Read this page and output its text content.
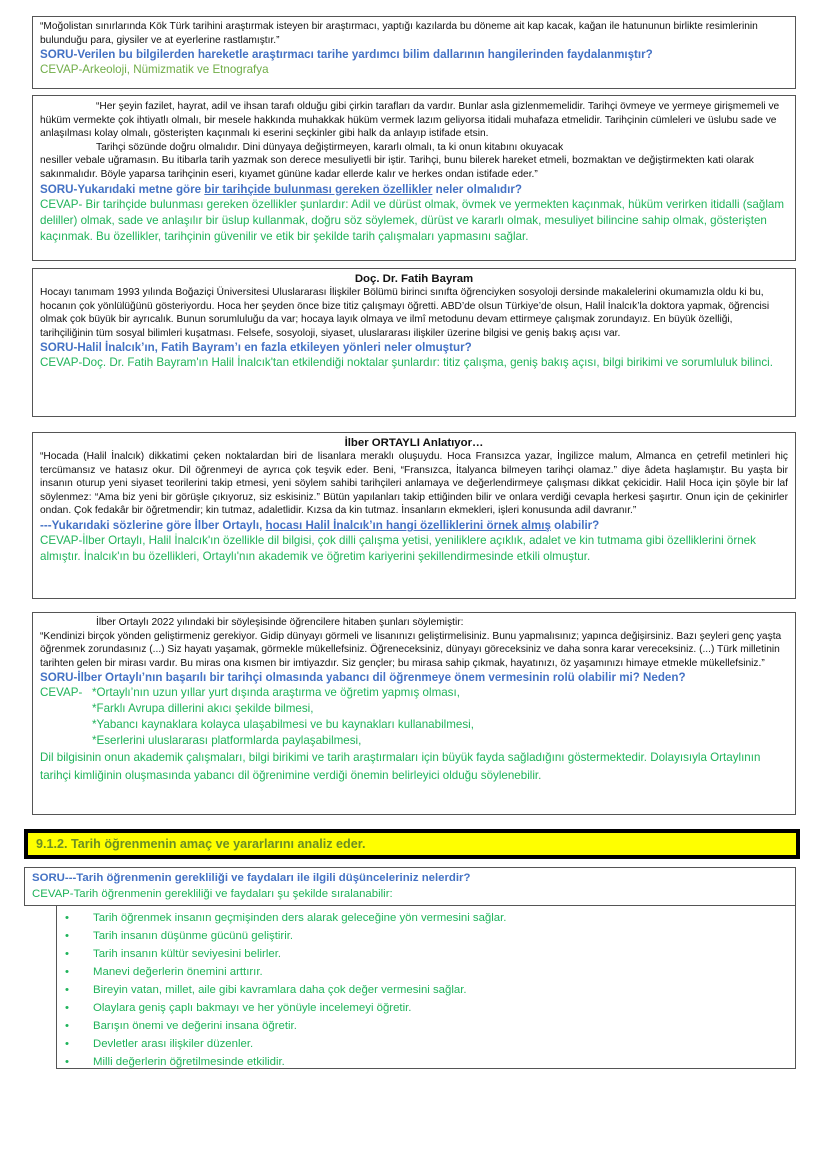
“Moğolistan sınırlarında Kök Türk tarihini araştırmak isteyen bir araştırmacı, yaptığı kazılarda bu döneme ait kap kacak, kağan ile hatununun birlikte resimlerinin bulunduğu para, giysiler ve at eyerlerine rastlamıştır.”

SORU-Verilen bu bilgilerden hareketle araştırmacı tarihe yardımcı bilim dallarının hangilerinden faydalanmıştır?

CEVAP-Arkeoloji, Nümizmatik ve Etnografya

“Her şeyin fazilet, hayrat, adil ve ihsan tarafı olduğu gibi çirkin tarafları da vardır. Bunlar asla gizlenmemelidir. Tarihçi övmeye ve yermeye girişmemeli ve hüküm vermekte çok ihtiyatlı olmalı, bir mesele hakkında muhakkak hüküm vermek lazım geliyorsa itidali muhafaza etmelidir. Tarihçinin cümleleri ve üslubu sade ve anlaşılması kolay olmalı, gösterişten kaçınmalı ki eserini seçkinler gibi halk da anlayıp istifade etsin.

Tarihçi sözünde doğru olmalıdır. Dini dünyaya değiştirmeyen, kararlı olmalı, ta ki onun kitabını okuyacak

nesiller vebale uğramasın. Bu itibarla tarih yazmak son derece mesuliyetli bir iştir. Tarihçi, bunu bilerek hareket etmeli, bozmaktan ve değiştirmekten kati olarak sakınmalıdır. Böyle yaparsa tarihçinin eseri, kıyamet gününe kadar ellerde kalır ve herkes ondan istifade eder.”

SORU-Yukarıdaki metne göre bir tarihçide bulunması gereken özellikler neler olmalıdır?

CEVAP- Bir tarihçide bulunması gereken özellikler şunlardır: Adil ve dürüst olmak, övmek ve yermekten kaçınmak, hüküm verirken itidalli (sağlam deliller) olmak, sade ve anlaşılır bir üslup kullanmak, doğru söz söylemek, dürüst ve kararlı olmak, mesuliyet bilincine sahip olmak, gösterişten kaçınmak. Bu özellikler, tarihçinin güvenilir ve etik bir şekilde tarih çalışmaları yapmasını sağlar.

Doç. Dr. Fatih Bayram

Hocayı tanımam 1993 yılında Boğaziçi Üniversitesi Uluslararası İlişkiler Bölümü birinci sınıfta öğrenciyken sosyoloji dersinde makalelerini okumamızla oldu ki bu, hocanın çok yönlülüğünü gösteriyordu. Hoca her şeyden önce bize titiz çalışmayı öğretti. ABD’de olsun Türkiye’de olsun, Halil İnalcık’la doktora yapmak, öğrencisi olmak çok büyük bir ayrıcalık. Bunun sorumluluğu da var; hocaya layık olmaya ve ilmî metodunu devam ettirmeye çalışmak zorundayız. En büyük özelliği, tarihçiliğinin tüm sosyal bilimleri kuşatması. Felsefe, sosyoloji, siyaset, uluslararası ilişkiler üzerine bilgisi ve geniş bakış açısı var.

SORU-Halil İnalcık’ın, Fatih Bayram’ı en fazla etkileyen yönleri neler olmuştur?

CEVAP-Doç. Dr. Fatih Bayram'ın Halil İnalcık'tan etkilendiği noktalar şunlardır: titiz çalışma, geniş bakış açısı, bilgi birikimi ve sorumluluk bilinci.

İlber ORTAYLI Anlatıyor…

“Hocada (Halil İnalcık) dikkatimi çeken noktalardan biri de lisanlara meraklı oluşuydu. Hoca Fransızca yazar, İngilizce malum, Almanca en çetrefil metinleri hiç tercümansız ve hatasız okur. Dil öğrenmeyi de ayrıca çok teşvik eder. Beni, “Fransızca, İtalyanca bilmeyen tarihçi olamaz.” diye âdeta haşlamıştır. Bu yaşta bir insanın oturup yeni siyaset teorilerini takip etmesi, yeni söylem sahibi tarihçileri anlamaya ve değerlendirmeye çalışması dikkat çekicidir. Halil Hoca için şöyle bir laf söylenmez: “Ama biz yeni bir görüşle çıkıyoruz, siz eskisiniz.” Bütün yapılanları takip ettiğinden bilir ve onlara verdiği cevapla herkesi şaşırtır. Onun için de çekinirler ondan. Çok fedakâr bir öğretmendir; kin tutmaz, adaletlidir. Kızsa da kin tutmaz. İnsanların ekmekleri, işleri konusunda adil davranır.”

---Yukarıdaki sözlerine göre İlber Ortaylı, hocası Halil İnalcık’ın hangi özelliklerini örnek almış olabilir?

CEVAP-İlber Ortaylı, Halil İnalcık'ın özellikle dil bilgisi, çok dilli çalışma yetisi, yeniliklere açıklık, adalet ve kin tutmama gibi özelliklerini örnek almıştır. İnalcık'ın bu özellikleri, Ortaylı'nın akademik ve öğretim kariyerini şekillendirmesinde etkili olmuştur.

İlber Ortaylı 2022 yılındaki bir söyleşisinde öğrencilere hitaben şunları söylemiştir:

“Kendinizi birçok yönden geliştirmeniz gerekiyor. Gidip dünyayı görmeli ve lisanınızı geliştirmelisiniz. Bunu yapmalısınız; yapınca değişirsiniz. Bazı şeyleri genç yaşta öğrenmek zorundasınız (...) Siz hayatı yaşamak, görmekle mükellefsiniz. Öğreneceksiniz, dünyayı göreceksiniz ve daha sonra karar vereceksiniz. (...) Türk milletinin tarihten gelen bir mirası vardır. Bu miras ona kısmen bir imtiyazdır. Siz gençler; bu mirasa sahip çıkmak, hayatınızı, öz yaşamınızı himaye etmekle mükellefsiniz.”

SORU-İlber Ortaylı’nın başarılı bir tarihçi olmasında yabancı dil öğrenmeye önem vermesinin rolü olabilir mi? Neden?

CEVAP- *Ortaylı’nın uzun yıllar yurt dışında araştırma ve öğretim yapmış olması,
*Farklı Avrupa dillerini akıcı şekilde bilmesi,
*Yabancı kaynaklara kolayca ulaşabilmesi ve bu kaynakları kullanabilmesi,
*Eserlerini uluslararası platformlarda paylaşabilmesi,
Dil bilgisinin onun akademik çalışmaları, bilgi birikimi ve tarih araştırmaları için büyük fayda sağladığını göstermektedir. Dolayısıyla Ortaylının tarihçi kimliğinin oluşmasında yabancı dil öğrenimine verdiği önemin belirleyici olduğu söylenebilir.
9.1.2. Tarih öğrenmenin amaç ve yararlarını analiz eder.

SORU---Tarih öğrenmenin gerekliliği ve faydaları ile ilgili düşünceleriniz nelerdir?

CEVAP-Tarih öğrenmenin gerekliliği ve faydaları şu şekilde sıralanabilir:

• Tarih öğrenmek insanın geçmişinden ders alarak geleceğine yön vermesini sağlar.
• Tarih insanın düşünme gücünü geliştirir.
• Tarih insanın kültür seviyesini belirler.
• Manevi değerlerin önemini arttırır.
• Bireyin vatan, millet, aile gibi kavramlara daha çok değer vermesini sağlar.
• Olaylara geniş çaplı bakmayı ve her yönüyle incelemeyi öğretir.
• Barışın önemi ve değerini insana öğretir.
• Devletler arası ilişkiler düzenler.
• Milli değerlerin öğretilmesinde etkilidir.
